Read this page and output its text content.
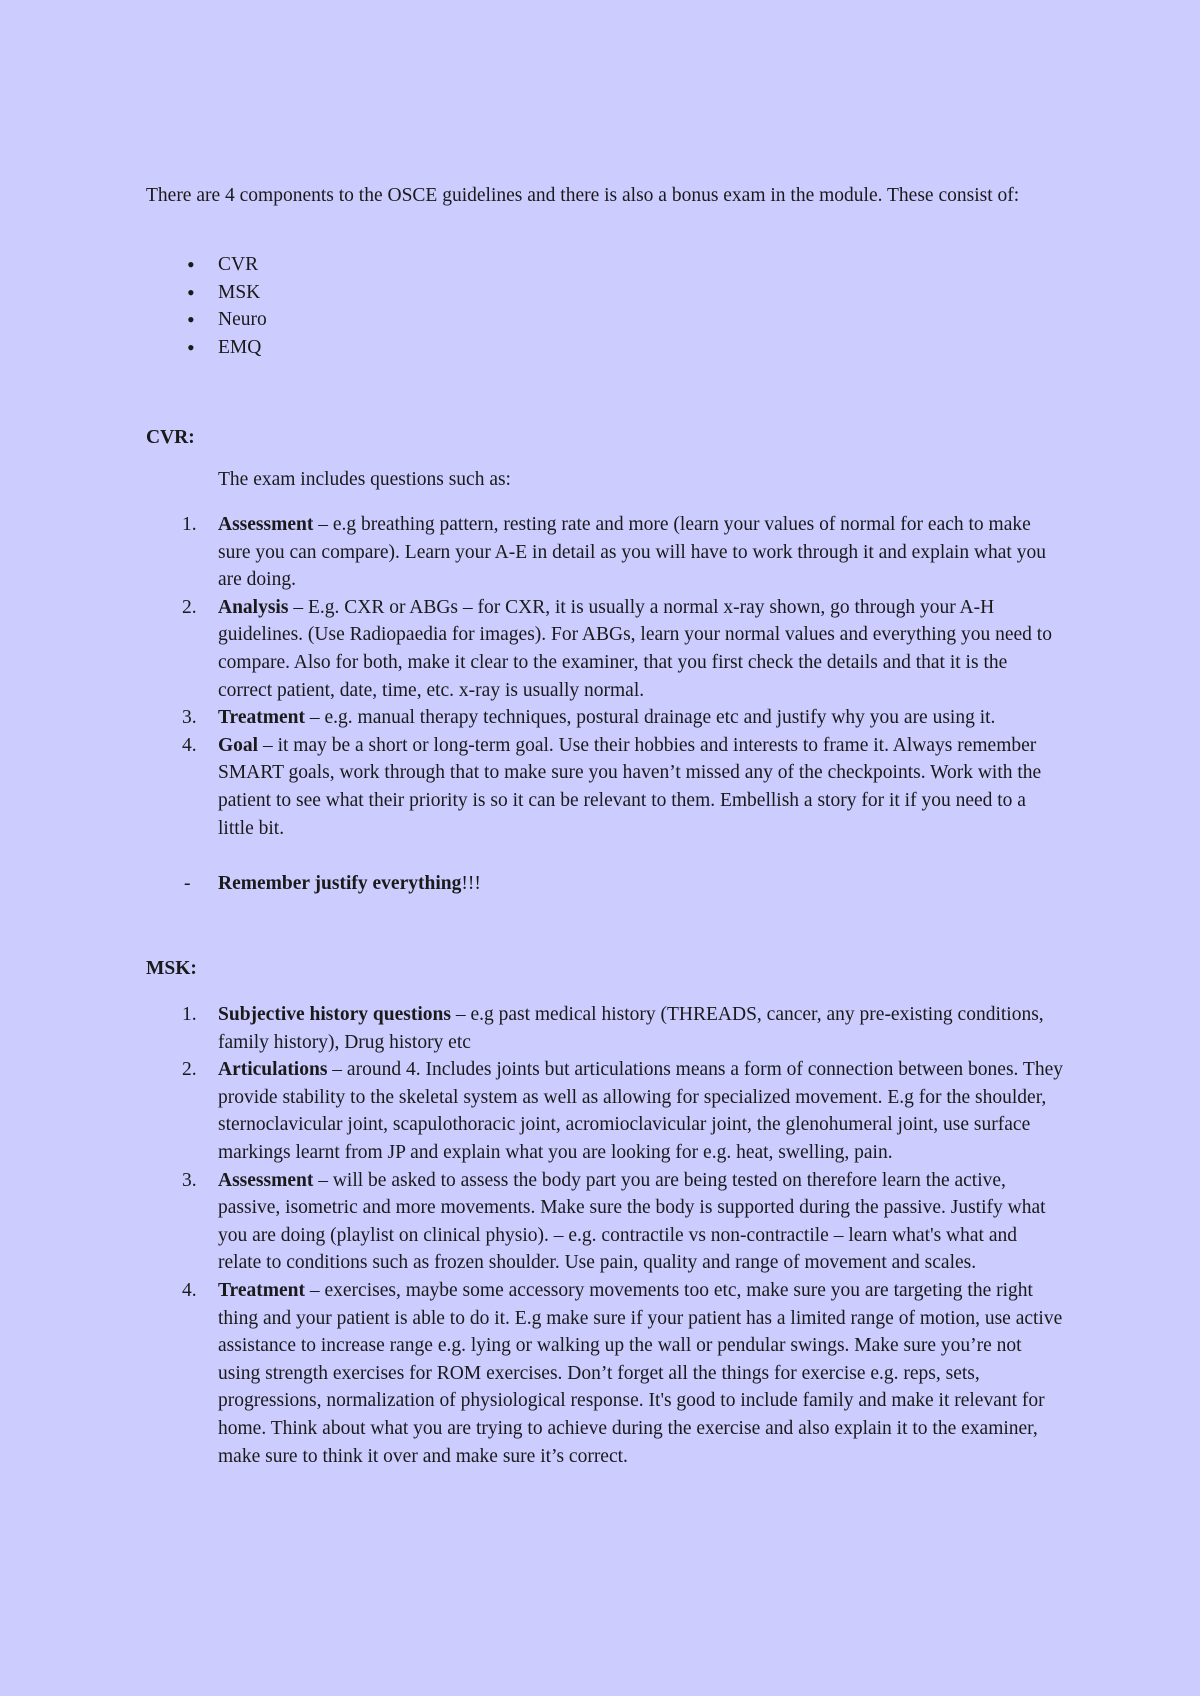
There are 4 components to the OSCE guidelines and there is also a bonus exam in the module. These consist of:

• CVR
• MSK
• Neuro
• EMQ

CVR:

The exam includes questions such as:

1. Assessment – e.g breathing pattern, resting rate and more (learn your values of normal for each to make sure you can compare). Learn your A-E in detail as you will have to work through it and explain what you are doing.
2. Analysis – E.g. CXR or ABGs – for CXR, it is usually a normal x-ray shown, go through your A-H guidelines. (Use Radiopaedia for images). For ABGs, learn your normal values and everything you need to compare. Also for both, make it clear to the examiner, that you first check the details and that it is the correct patient, date, time, etc. x-ray is usually normal.
3. Treatment – e.g. manual therapy techniques, postural drainage etc and justify why you are using it.
4. Goal – it may be a short or long-term goal. Use their hobbies and interests to frame it. Always remember SMART goals, work through that to make sure you haven’t missed any of the checkpoints. Work with the patient to see what their priority is so it can be relevant to them. Embellish a story for it if you need to a little bit.

- Remember justify everything!!!

MSK:

1. Subjective history questions – e.g past medical history (THREADS, cancer, any pre-existing conditions, family history), Drug history etc
2. Articulations – around 4. Includes joints but articulations means a form of connection between bones. They provide stability to the skeletal system as well as allowing for specialized movement. E.g for the shoulder, sternoclavicular joint, scapulothoracic joint, acromioclavicular joint, the glenohumeral joint, use surface markings learnt from JP and explain what you are looking for e.g. heat, swelling, pain.
3. Assessment – will be asked to assess the body part you are being tested on therefore learn the active, passive, isometric and more movements. Make sure the body is supported during the passive. Justify what you are doing (playlist on clinical physio). – e.g. contractile vs non-contractile – learn what's what and relate to conditions such as frozen shoulder. Use pain, quality and range of movement and scales.
4. Treatment – exercises, maybe some accessory movements too etc, make sure you are targeting the right thing and your patient is able to do it. E.g make sure if your patient has a limited range of motion, use active assistance to increase range e.g. lying or walking up the wall or pendular swings. Make sure you’re not using strength exercises for ROM exercises. Don’t forget all the things for exercise e.g. reps, sets, progressions, normalization of physiological response. It's good to include family and make it relevant for home. Think about what you are trying to achieve during the exercise and also explain it to the examiner, make sure to think it over and make sure it’s correct.
